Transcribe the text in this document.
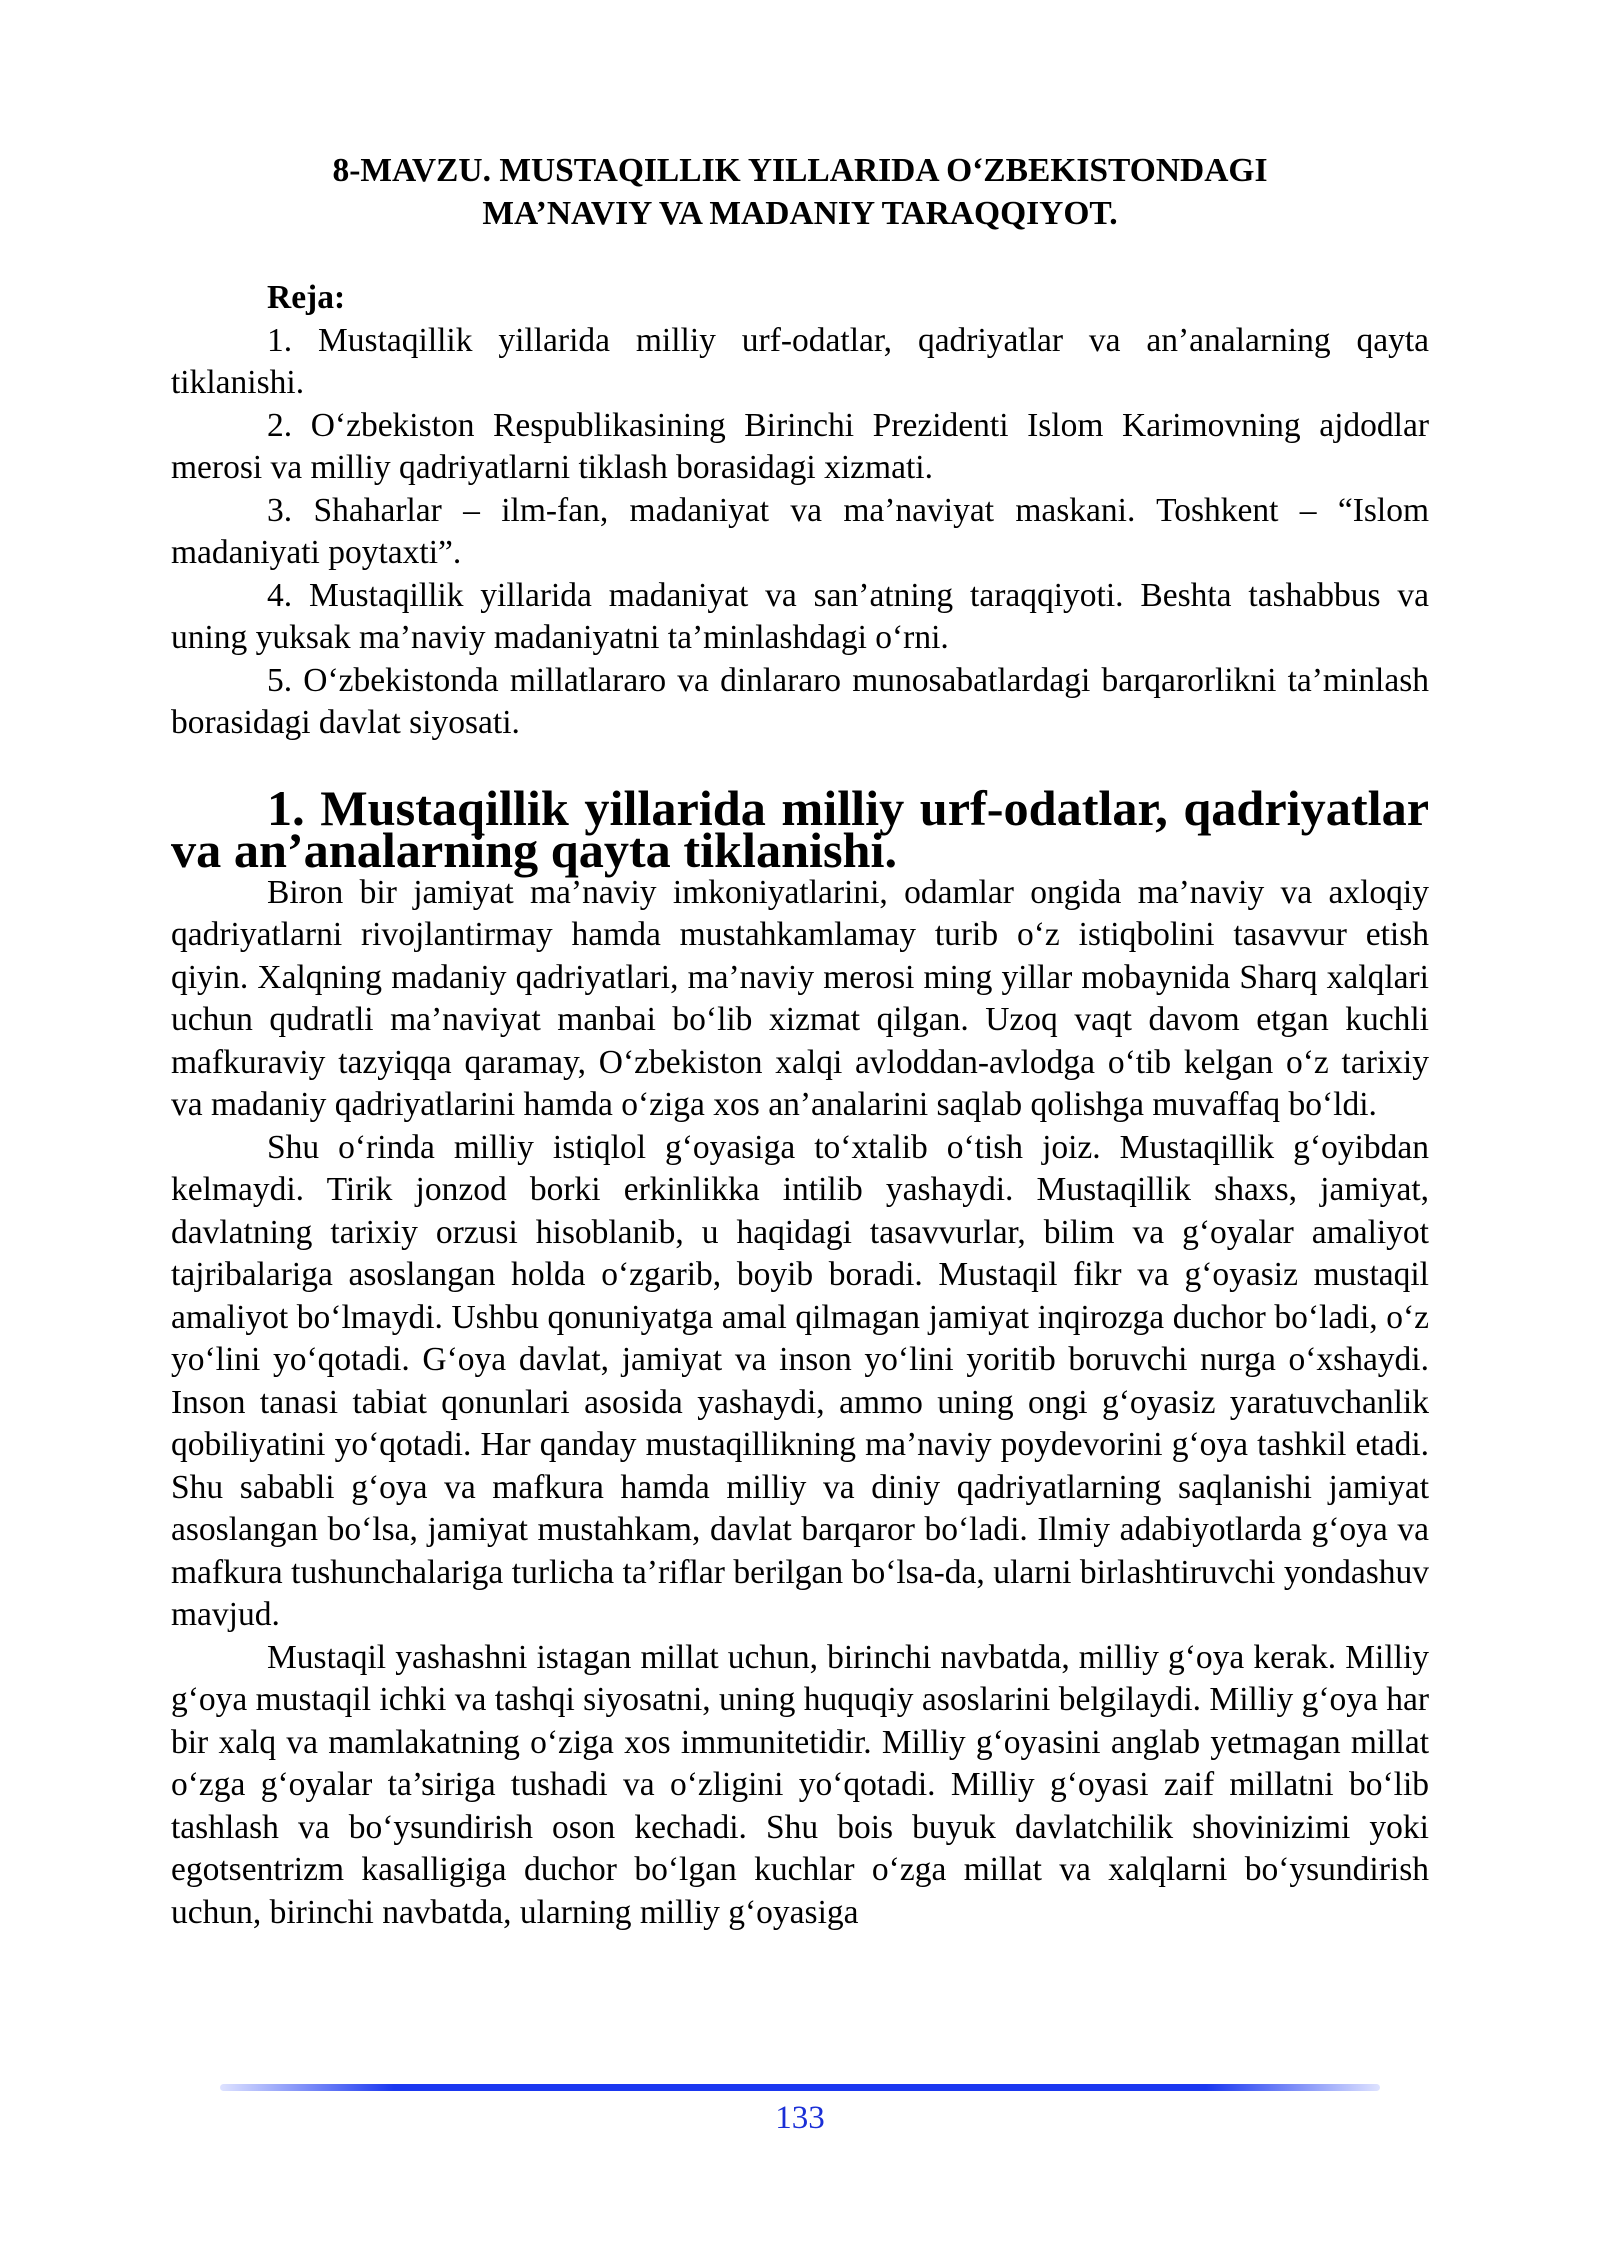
8-MAVZU. MUSTAQILLIK YILLARIDA O‘ZBEKISTONDAGI
MA’NAVIY VA MADANIY TARAQQIYOT.

Reja:

1. Mustaqillik yillarida milliy urf-odatlar, qadriyatlar va an’analarning qayta tiklanishi.

2. O‘zbekiston Respublikasining Birinchi Prezidenti Islom Karimovning ajdodlar merosi va milliy qadriyatlarni tiklash borasidagi xizmati.

3. Shaharlar – ilm-fan, madaniyat va ma’naviyat maskani. Toshkent – “Islom madaniyati poytaxti”.

4. Mustaqillik yillarida madaniyat va san’atning taraqqiyoti. Beshta tashabbus va uning yuksak ma’naviy madaniyatni ta’minlashdagi o‘rni.

5. O‘zbekistonda millatlararo va dinlararo munosabatlardagi barqarorlikni ta’minlash borasidagi davlat siyosati.

1. Mustaqillik yillarida milliy urf-odatlar, qadriyatlar va an’analarning qayta tiklanishi.

Biron bir jamiyat ma’naviy imkoniyatlarini, odamlar ongida ma’naviy va axloqiy qadriyatlarni rivojlantirmay hamda mustahkamlamay turib o‘z istiqbolini tasavvur etish qiyin. Xalqning madaniy qadriyatlari, ma’naviy merosi ming yillar mobaynida Sharq xalqlari uchun qudratli ma’naviyat manbai bo‘lib xizmat qilgan. Uzoq vaqt davom etgan kuchli mafkuraviy tazyiqqa qaramay, O‘zbekiston xalqi avloddan-avlodga o‘tib kelgan o‘z tarixiy va madaniy qadriyatlarini hamda o‘ziga xos an’analarini saqlab qolishga muvaffaq bo‘ldi.

Shu o‘rinda milliy istiqlol g‘oyasiga to‘xtalib o‘tish joiz. Mustaqillik g‘oyibdan kelmaydi. Tirik jonzod borki erkinlikka intilib yashaydi. Mustaqillik shaxs, jamiyat, davlatning tarixiy orzusi hisoblanib, u haqidagi tasavvurlar, bilim va g‘oyalar amaliyot tajribalariga asoslangan holda o‘zgarib, boyib boradi. Mustaqil fikr va g‘oyasiz mustaqil amaliyot bo‘lmaydi. Ushbu qonuniyatga amal qilmagan jamiyat inqirozga duchor bo‘ladi, o‘z yo‘lini yo‘qotadi. G‘oya davlat, jamiyat va inson yo‘lini yoritib boruvchi nurga o‘xshaydi. Inson tanasi tabiat qonunlari asosida yashaydi, ammo uning ongi g‘oyasiz yaratuvchanlik qobiliyatini yo‘qotadi. Har qanday mustaqillikning ma’naviy poydevorini g‘oya tashkil etadi. Shu sababli g‘oya va mafkura hamda milliy va diniy qadriyatlarning saqlanishi jamiyat asoslangan bo‘lsa, jamiyat mustahkam, davlat barqaror bo‘ladi. Ilmiy adabiyotlarda g‘oya va mafkura tushunchalariga turlicha ta’riflar berilgan bo‘lsa-da, ularni birlashtiruvchi yondashuv mavjud.

Mustaqil yashashni istagan millat uchun, birinchi navbatda, milliy g‘oya kerak. Milliy g‘oya mustaqil ichki va tashqi siyosatni, uning huquqiy asoslarini belgilaydi. Milliy g‘oya har bir xalq va mamlakatning o‘ziga xos immunitetidir. Milliy g‘oyasini anglab yetmagan millat o‘zga g‘oyalar ta’siriga tushadi va o‘zligini yo‘qotadi. Milliy g‘oyasi zaif millatni bo‘lib tashlash va bo‘ysundirish oson kechadi. Shu bois buyuk davlatchilik shovinizimi yoki egotsentrizm kasalligiga duchor bo‘lgan kuchlar o‘zga millat va xalqlarni bo‘ysundirish uchun, birinchi navbatda, ularning milliy g‘oyasiga

133
